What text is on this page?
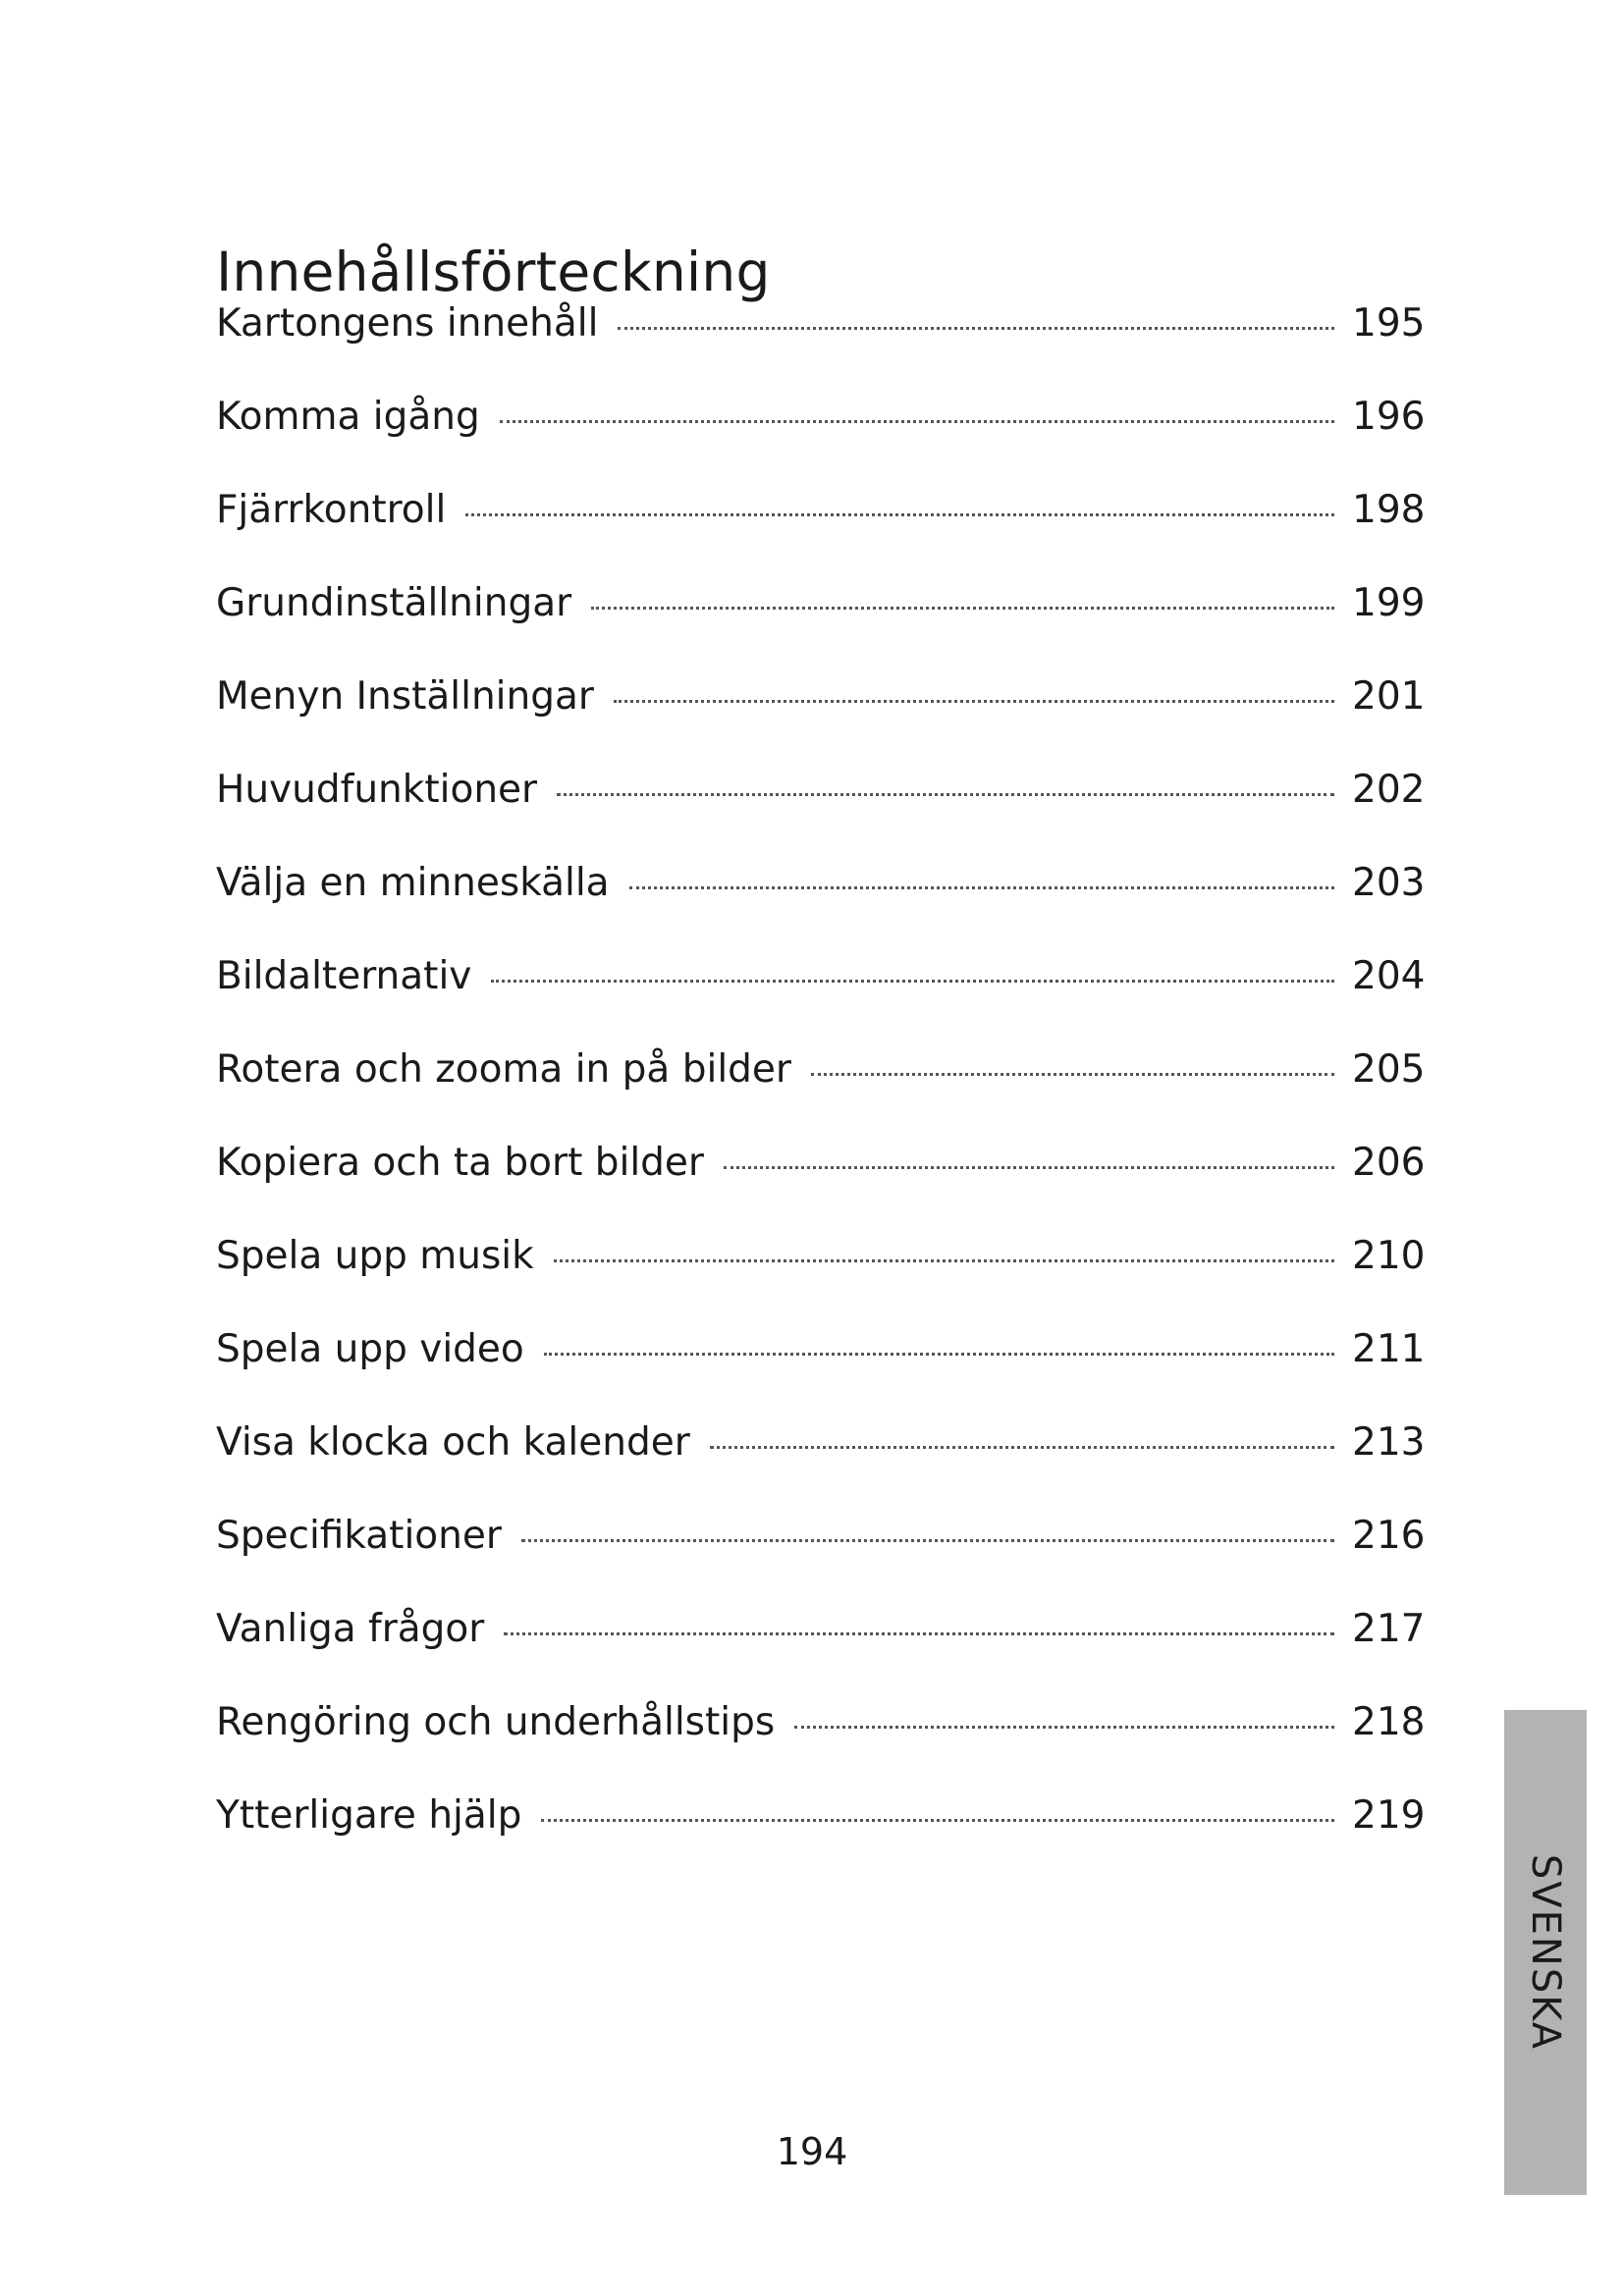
Innehållsförteckning
Kartongens innehåll	195
Komma igång	196
Fjärrkontroll	198
Grundinställningar	199
Menyn Inställningar	201
Huvudfunktioner	202
Välja en minneskälla	203
Bildalternativ	204
Rotera och zooma in på bilder	205
Kopiera och ta bort bilder	206
Spela upp musik	210
Spela upp video	211
Visa klocka och kalender	213
Specifikationer	216
Vanliga frågor	217
Rengöring och underhållstips	218
Ytterligare hjälp	219
194
SVENSKA
